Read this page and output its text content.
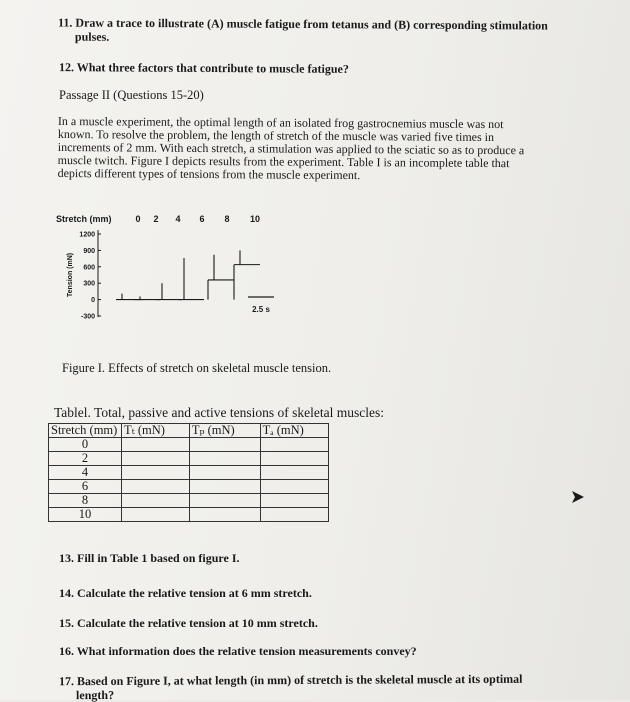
11. Draw a trace to illustrate (A) muscle fatigue from tetanus and (B) corresponding stimulation
pulses.
12. What three factors that contribute to muscle fatigue?
Passage II (Questions 15-20)
In a muscle experiment, the optimal length of an isolated frog gastrocnemius muscle was not
known. To resolve the problem, the length of stretch of the muscle was varied five times in
increments of 2 mm. With each stretch, a stimulation was applied to the sciatic so as to produce a
muscle twitch. Figure I depicts results from the experiment. Table I is an incomplete table that
depicts different types of tensions from the muscle experiment.
Stretch (mm)	0 2 4 6 8 10
Tension (mN)
1200
900
600
300
0
-300
2.5 s
Figure I. Effects of stretch on skeletal muscle tension.
Tablel. Total, passive and active tensions of skeletal muscles:
Stretch (mm)	Tₜ (mN)	Tₚ (mN)	Tₐ (mN)
0			
2			
4			
6			
8			
10			
13. Fill in Table 1 based on figure I.
14. Calculate the relative tension at 6 mm stretch.
15. Calculate the relative tension at 10 mm stretch.
16. What information does the relative tension measurements convey?
17. Based on Figure I, at what length (in mm) of stretch is the skeletal muscle at its optimal
length?
